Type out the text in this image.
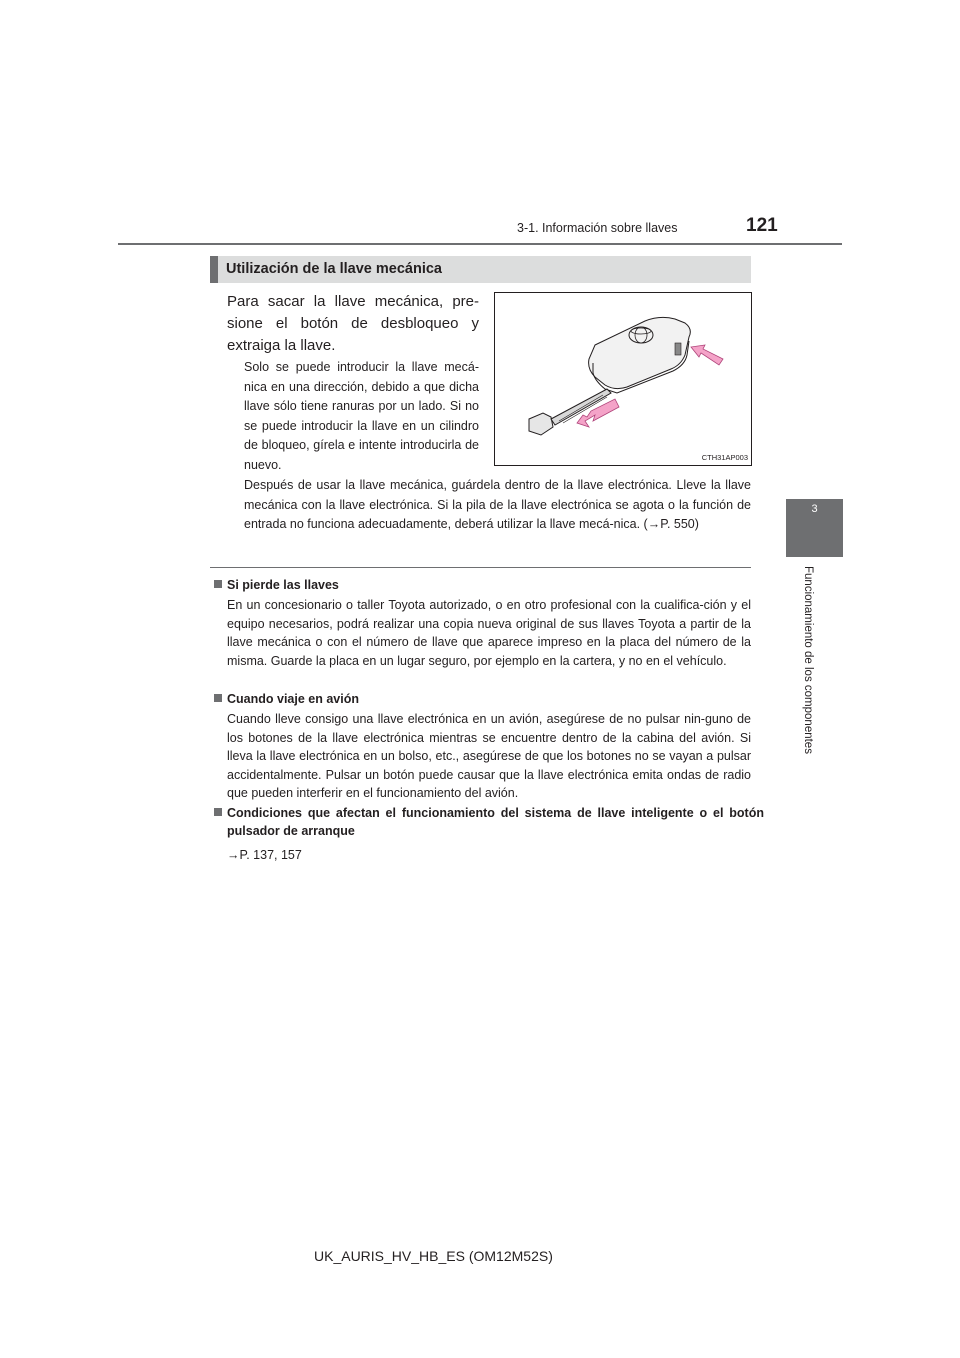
3-1. Información sobre llaves	121
3
Funcionamiento de los componentes
Utilización de la llave mecánica
Para sacar la llave mecánica, pre-sione el botón de desbloqueo y extraiga la llave.
Solo se puede introducir la llave mecá-nica en una dirección, debido a que dicha llave sólo tiene ranuras por un lado. Si no se puede introducir la llave en un cilindro de bloqueo, gírela e intente introducirla de nuevo.	CTH31AP003
Después de usar la llave mecánica, guárdela dentro de la llave electrónica. Lleve la llave mecánica con la llave electrónica. Si la pila de la llave electrónica se agota o la función de entrada no funciona adecuadamente, deberá utilizar la llave mecá-nica. (→P. 550)
Si pierde las llaves
En un concesionario o taller Toyota autorizado, o en otro profesional con la cualifica-ción y el equipo necesarios, podrá realizar una copia nueva original de sus llaves Toyota a partir de la llave mecánica o con el número de llave que aparece impreso en la placa del número de la misma. Guarde la placa en un lugar seguro, por ejemplo en la cartera, y no en el vehículo.
Cuando viaje en avión
Cuando lleve consigo una llave electrónica en un avión, asegúrese de no pulsar nin-guno de los botones de la llave electrónica mientras se encuentre dentro de la cabina del avión. Si lleva la llave electrónica en un bolso, etc., asegúrese de que los botones no se vayan a pulsar accidentalmente. Pulsar un botón puede causar que la llave electrónica emita ondas de radio que pueden interferir en el funcionamiento del avión.
Condiciones que afectan el funcionamiento del sistema de llave inteligente o el botón pulsador de arranque
→P. 137, 157
UK_AURIS_HV_HB_ES (OM12M52S)
